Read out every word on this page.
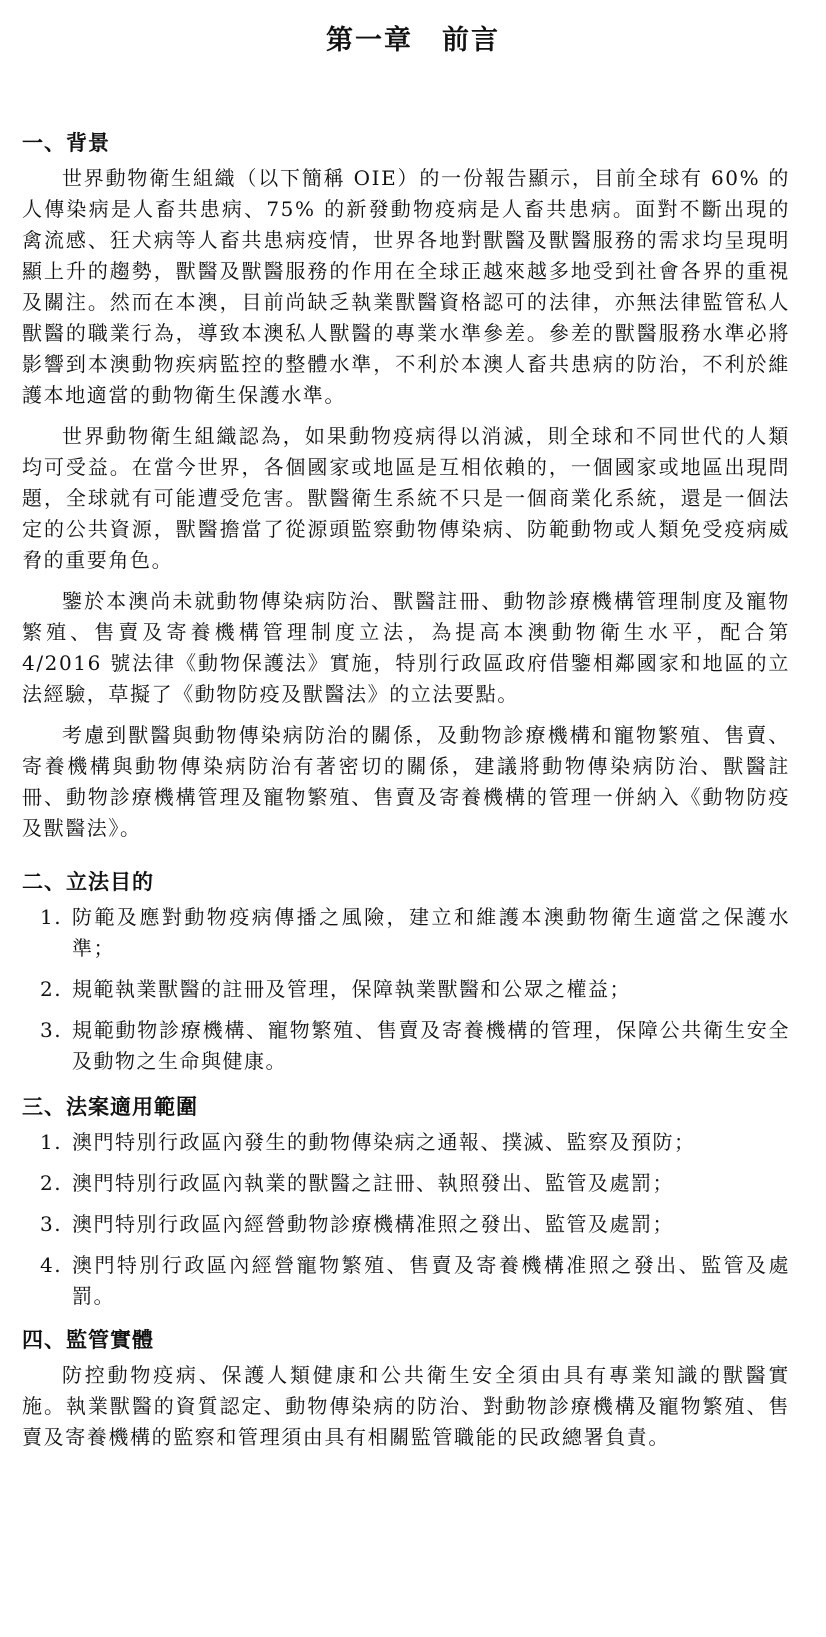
第一章　前言
一、背景

世界動物衛生組織（以下簡稱 OIE）的一份報告顯示，目前全球有 60% 的人傳染病是人畜共患病、75% 的新發動物疫病是人畜共患病。面對不斷出現的禽流感、狂犬病等人畜共患病疫情，世界各地對獸醫及獸醫服務的需求均呈現明顯上升的趨勢，獸醫及獸醫服務的作用在全球正越來越多地受到社會各界的重視及關注。然而在本澳，目前尚缺乏執業獸醫資格認可的法律，亦無法律監管私人獸醫的職業行為，導致本澳私人獸醫的專業水準參差。參差的獸醫服務水準必將影響到本澳動物疾病監控的整體水準，不利於本澳人畜共患病的防治，不利於維護本地適當的動物衛生保護水準。

世界動物衛生組織認為，如果動物疫病得以消滅，則全球和不同世代的人類均可受益。在當今世界，各個國家或地區是互相依賴的，一個國家或地區出現問題，全球就有可能遭受危害。獸醫衛生系統不只是一個商業化系統，還是一個法定的公共資源，獸醫擔當了從源頭監察動物傳染病、防範動物或人類免受疫病威脅的重要角色。

鑒於本澳尚未就動物傳染病防治、獸醫註冊、動物診療機構管理制度及寵物繁殖、售賣及寄養機構管理制度立法，為提高本澳動物衛生水平，配合第 4/2016 號法律《動物保護法》實施，特別行政區政府借鑒相鄰國家和地區的立法經驗，草擬了《動物防疫及獸醫法》的立法要點。

考慮到獸醫與動物傳染病防治的關係，及動物診療機構和寵物繁殖、售賣、寄養機構與動物傳染病防治有著密切的關係，建議將動物傳染病防治、獸醫註冊、動物診療機構管理及寵物繁殖、售賣及寄養機構的管理一併納入《動物防疫及獸醫法》。

二、立法目的
1. 防範及應對動物疫病傳播之風險，建立和維護本澳動物衛生適當之保護水準；
2. 規範執業獸醫的註冊及管理，保障執業獸醫和公眾之權益；
3. 規範動物診療機構、寵物繁殖、售賣及寄養機構的管理，保障公共衛生安全及動物之生命與健康。
三、法案適用範圍
1. 澳門特別行政區內發生的動物傳染病之通報、撲滅、監察及預防；
2. 澳門特別行政區內執業的獸醫之註冊、執照發出、監管及處罰；
3. 澳門特別行政區內經營動物診療機構准照之發出、監管及處罰；
4. 澳門特別行政區內經營寵物繁殖、售賣及寄養機構准照之發出、監管及處罰。
四、監管實體

防控動物疫病、保護人類健康和公共衛生安全須由具有專業知識的獸醫實施。執業獸醫的資質認定、動物傳染病的防治、對動物診療機構及寵物繁殖、售賣及寄養機構的監察和管理須由具有相關監管職能的民政總署負責。
